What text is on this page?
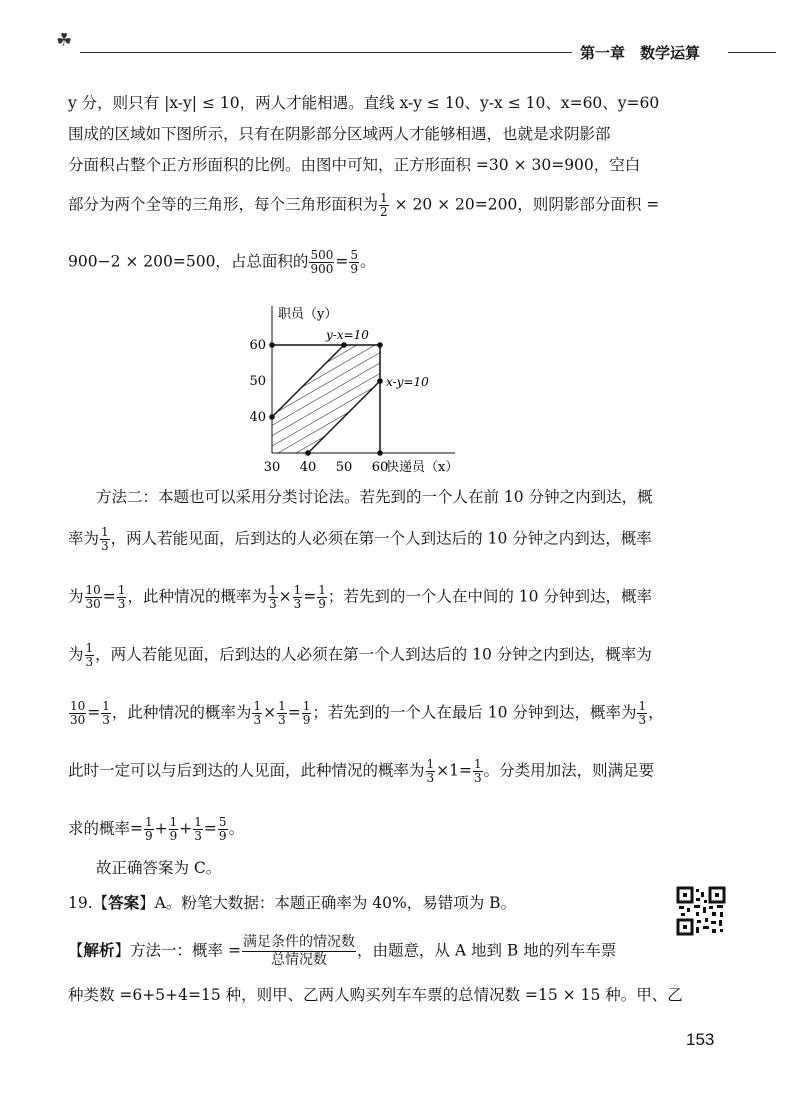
☘
第一章　数学运算
y 分，则只有 |x-y| ≤ 10，两人才能相遇。直线 x-y ≤ 10、y-x ≤ 10、x=60、y=60
围成的区域如下图所示，只有在阴影部分区域两人才能够相遇，也就是求阴影部
分面积占整个正方形面积的比例。由图中可知，正方形面积 =30 × 30=900，空白
部分为两个全等的三角形，每个三角形面积为 $\frac{1}{2} \times 20 \times 20=200$，则阴影部分面积 =
900−2 × 200=500，占总面积的 $\frac{500}{900} = \frac{5}{9}$ 。
30 40 50 60
40
50
60
职员（y）
快递员（x）
y-x=10
x-y=10
方法二：本题也可以采用分类讨论法。若先到的一个人在前 10 分钟之内到达，概
率为 $\frac{1}{3}$ ，两人若能见面，后到达的人必须在第一个人到达后的 10 分钟之内到达，概率
为 $\frac{10}{30} = \frac{1}{3}$ ，此种情况的概率为 $\frac{1}{3} \times \frac{1}{3} = \frac{1}{9}$ ；若先到的一个人在中间的 10 分钟到达，概率
为 $\frac{1}{3}$ ，两人若能见面，后到达的人必须在第一个人到达后的 10 分钟之内到达，概率为
$\frac{10}{30} = \frac{1}{3}$ ，此种情况的概率为 $\frac{1}{3} \times \frac{1}{3} = \frac{1}{9}$ ；若先到的一个人在最后 10 分钟到达，概率为 $\frac{1}{3}$ ，
此时一定可以与后到达的人见面，此种情况的概率为 $\frac{1}{3} \times 1= \frac{1}{3}$ 。分类用加法，则满足要
求的概率= $\frac{1}{9} + \frac{1}{9} + \frac{1}{3} = \frac{5}{9}$ 。
故正确答案为 C。
19.【答案】A。粉笔大数据：本题正确率为 40%，易错项为 B。
【解析】方法一：概率 = $\frac{\text{满足条件的情况数}}{\text{总情况数}}$ ，由题意，从 A 地到 B 地的列车车票
种类数 =6+5+4=15 种，则甲、乙两人购买列车车票的总情况数 =15 × 15 种。甲、乙
153
